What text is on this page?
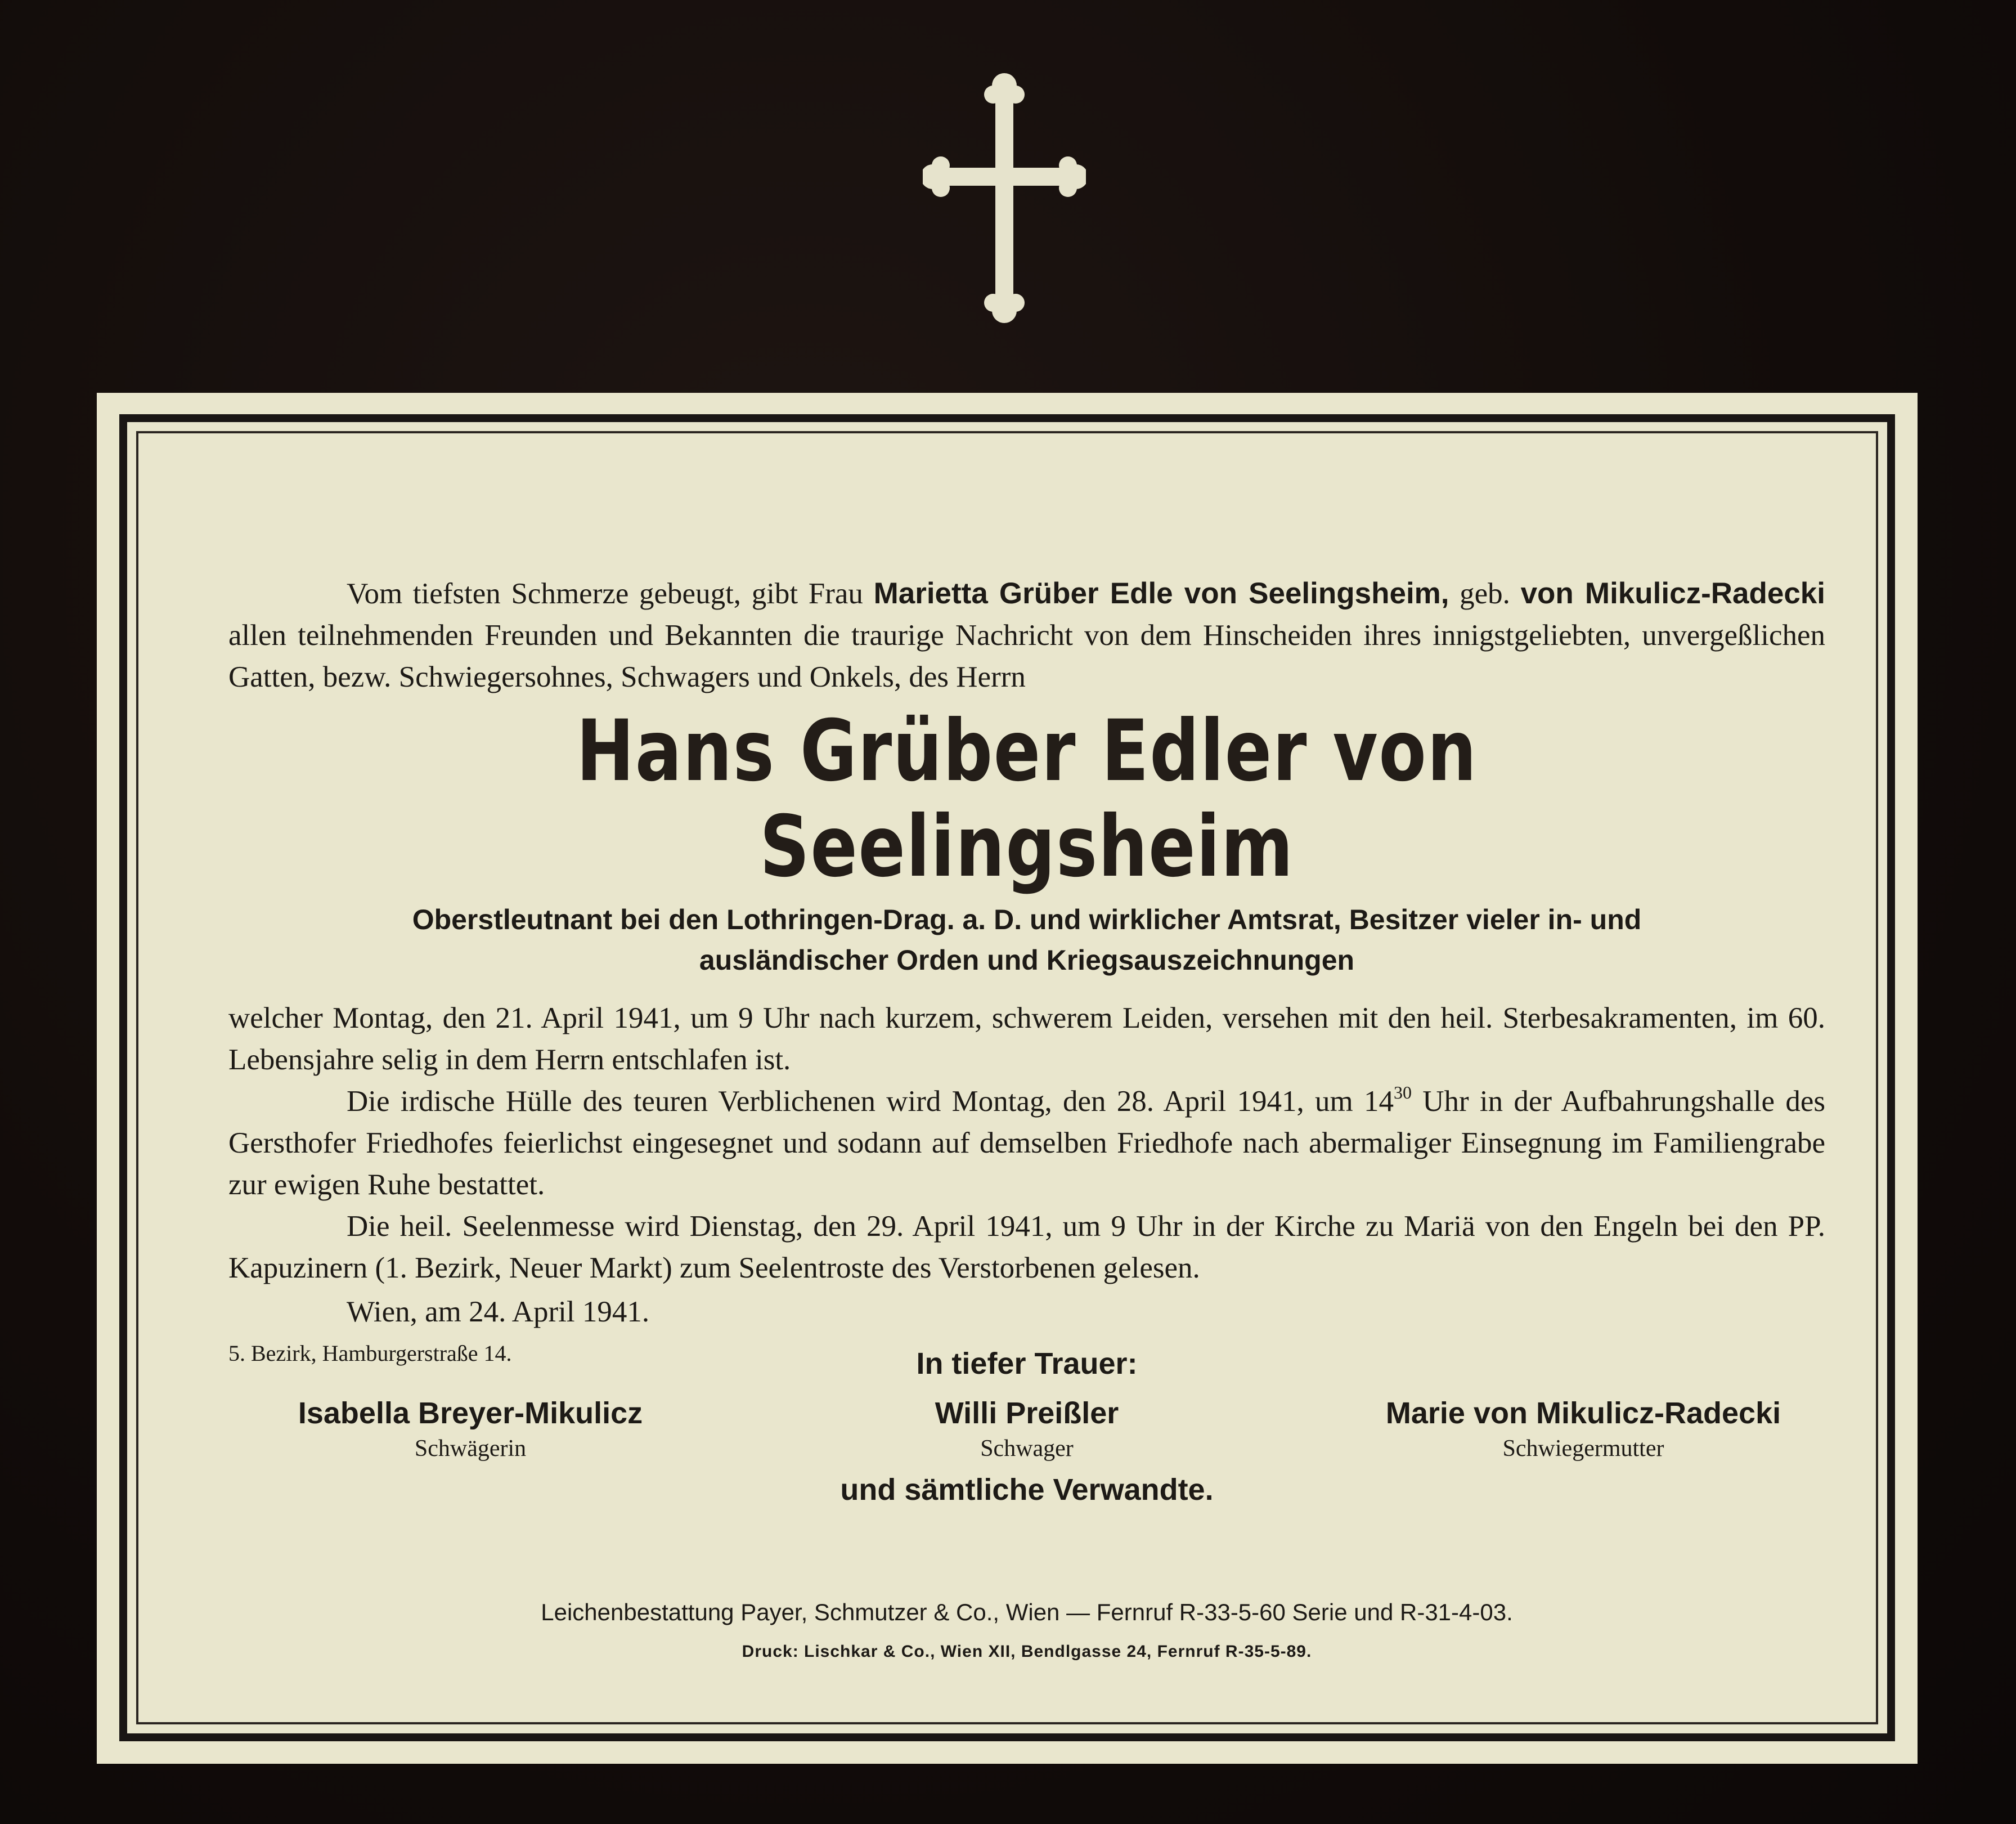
Vom tiefsten Schmerze gebeugt, gibt Frau Marietta Grüber Edle von Seelingsheim, geb. von Mikulicz-Radecki allen teilnehmenden Freunden und Bekannten die traurige Nachricht von dem Hinscheiden ihres innigstgeliebten, unvergeßlichen Gatten, bezw. Schwiegersohnes, Schwagers und Onkels, des Herrn

Hans Grüber Edler von Seelingsheim
Oberstleutnant bei den Lothringen-Drag. a. D. und wirklicher Amtsrat, Besitzer vieler in- und
ausländischer Orden und Kriegsauszeichnungen

welcher Montag, den 21. April 1941, um 9 Uhr nach kurzem, schwerem Leiden, versehen mit den heil. Sterbesakramenten, im 60. Lebensjahre selig in dem Herrn entschlafen ist.

Die irdische Hülle des teuren Verblichenen wird Montag, den 28. April 1941, um $14^{30}$ Uhr in der Aufbahrungshalle des Gersthofer Friedhofes feierlichst eingesegnet und sodann auf demselben Friedhofe nach abermaliger Einsegnung im Familiengrabe zur ewigen Ruhe bestattet.

Die heil. Seelenmesse wird Dienstag, den 29. April 1941, um 9 Uhr in der Kirche zu Mariä von den Engeln bei den PP. Kapuzinern (1. Bezirk, Neuer Markt) zum Seelentroste des Verstorbenen gelesen.

Wien, am 24. April 1941.
5. Bezirk, Hamburgerstraße 14.	In tiefer Trauer:
Isabella Breyer-Mikulicz
Schwägerin
Willi Preißler
Schwager
Marie von Mikulicz-Radecki
Schwiegermutter
und sämtliche Verwandte.
Leichenbestattung Payer, Schmutzer & Co., Wien — Fernruf R-33-5-60 Serie und R-31-4-03.
Druck: Lischkar & Co., Wien XII, Bendlgasse 24, Fernruf R-35-5-89.
